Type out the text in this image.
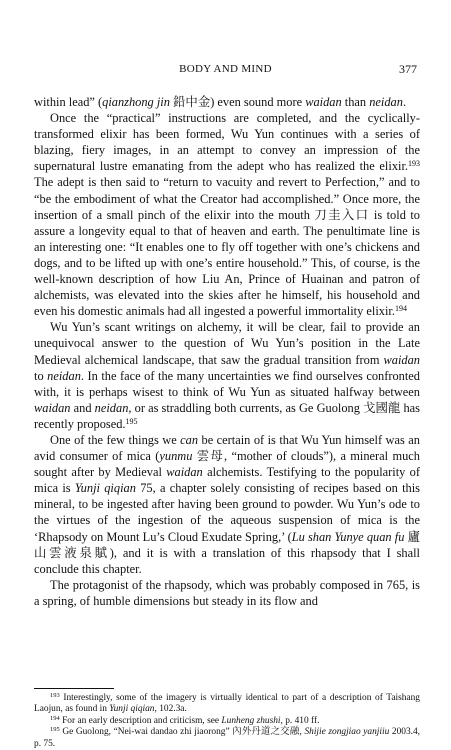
BODY AND MIND	377

within lead” (qianzhong jin 鉛中金) even sound more waidan than neidan.

Once the “practical” instructions are completed, and the cyclically-transformed elixir has been formed, Wu Yun continues with a series of blazing, fiery images, in an attempt to convey an impression of the supernatural lustre emanating from the adept who has realized the elixir.$^{193}$ The adept is then said to “return to vacuity and revert to Perfection,” and to “be the embodiment of what the Creator had accomplished.” Once more, the insertion of a small pinch of the elixir into the mouth 刀圭入口 is told to assure a longevity equal to that of heaven and earth. The penultimate line is an interesting one: “It enables one to fly off together with one’s chickens and dogs, and to be lifted up with one’s entire household.” This, of course, is the well-known description of how Liu An, Prince of Huainan and patron of alchemists, was elevated into the skies after he himself, his household and even his domestic animals had all ingested a powerful immortality elixir.$^{194}$

Wu Yun’s scant writings on alchemy, it will be clear, fail to provide an unequivocal answer to the question of Wu Yun’s position in the Late Medieval alchemical landscape, that saw the gradual transition from waidan to neidan. In the face of the many uncertainties we find ourselves confronted with, it is perhaps wisest to think of Wu Yun as situated halfway between waidan and neidan, or as straddling both currents, as Ge Guolong 戈國龍 has recently proposed.$^{195}$

One of the few things we can be certain of is that Wu Yun himself was an avid consumer of mica (yunmu 雲母, “mother of clouds”), a mineral much sought after by Medieval waidan alchemists. Testifying to the popularity of mica is Yunji qiqian 75, a chapter solely consisting of recipes based on this mineral, to be ingested after having been ground to powder. Wu Yun’s ode to the virtues of the ingestion of the aqueous suspension of mica is the ‘Rhapsody on Mount Lu’s Cloud Exudate Spring,’ (Lu shan Yunye quan fu 廬山雲液泉賦), and it is with a translation of this rhapsody that I shall conclude this chapter.

The protagonist of the rhapsody, which was probably composed in 765, is a spring, of humble dimensions but steady in its flow and

$^{193}$ Interestingly, some of the imagery is virtually identical to part of a description of Taishang Laojun, as found in Yunji qiqian, 102.3a.

$^{194}$ For an early description and criticism, see Lunheng zhushi, p. 410 ff.

$^{195}$ Ge Guolong, “Nei-wai dandao zhi jiaorong” 內外丹道之交融, Shijie zongjiao yanjiiu 2003.4, p. 75.
